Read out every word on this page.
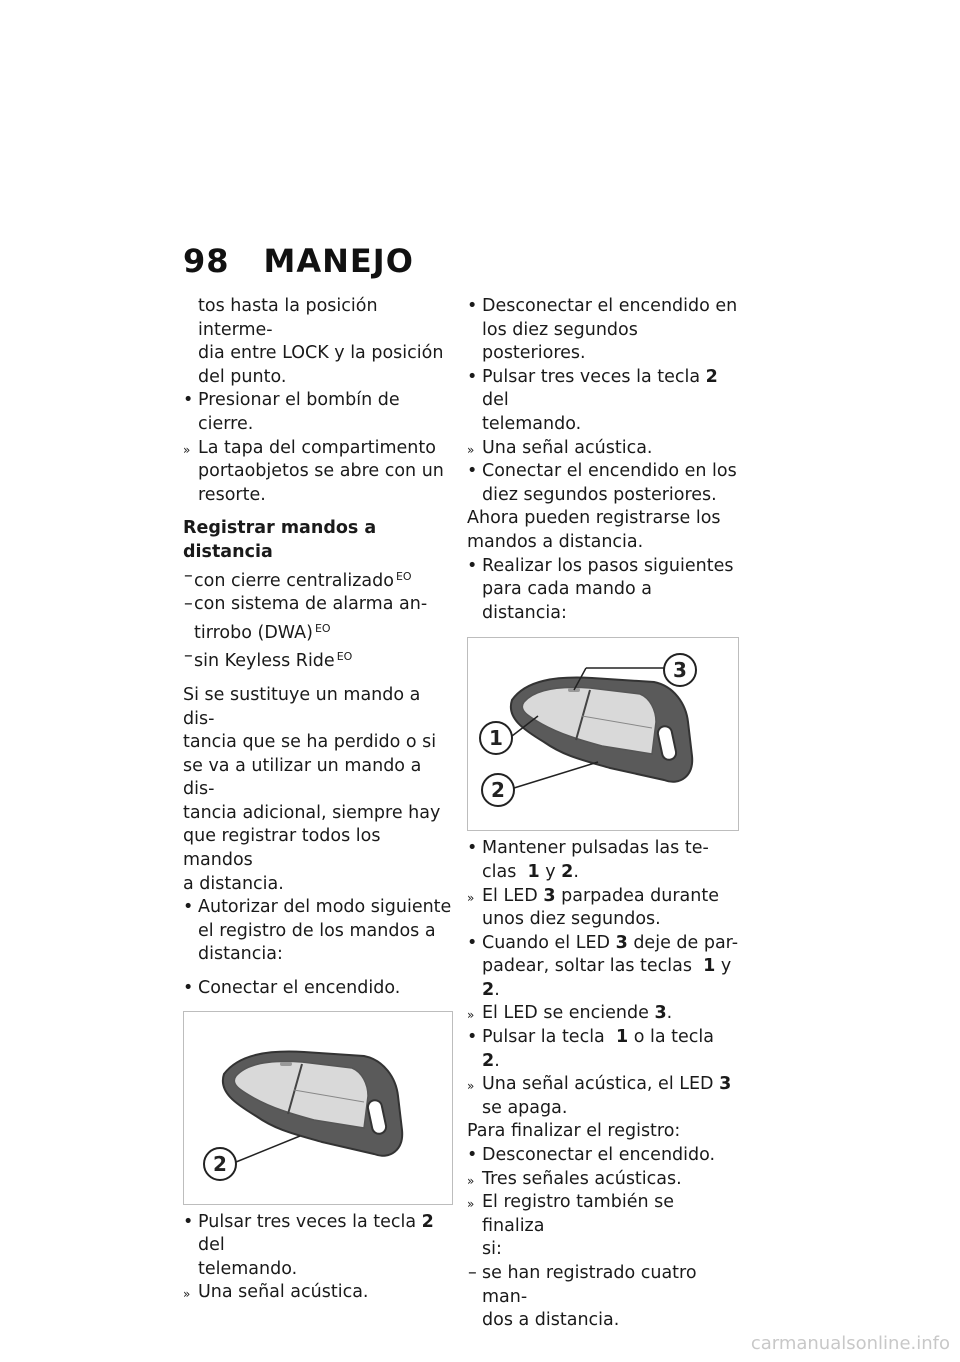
98 MANEJO
tos hasta la posición interme-
dia entre LOCK y la posición
del punto.
• Presionar el bombín de cierre.
» La tapa del compartimento
portaobjetos se abre con un
resorte.
Registrar mandos a distancia
– con cierre centralizado $^{EO}$
– con sistema de alarma an-
tirrobo (DWA) $^{EO}$
– sin Keyless Ride $^{EO}$
Si se sustituye un mando a dis-
tancia que se ha perdido o si
se va a utilizar un mando a dis-
tancia adicional, siempre hay
que registrar todos los mandos
a distancia.
• Autorizar del modo siguiente
el registro de los mandos a
distancia:
• Conectar el encendido.
2
• Pulsar tres veces la tecla 2 del
telemando.
» Una señal acústica.
• Desconectar el encendido en
los diez segundos posteriores.
• Pulsar tres veces la tecla 2 del
telemando.
» Una señal acústica.
• Conectar el encendido en los
diez segundos posteriores.
Ahora pueden registrarse los
mandos a distancia.
• Realizar los pasos siguientes
para cada mando a distancia:
3
1
2
• Mantener pulsadas las te-
clas 1 y 2.
» El LED 3 parpadea durante
unos diez segundos.
• Cuando el LED 3 deje de par-
padear, soltar las teclas 1 y 2.
» El LED se enciende 3.
• Pulsar la tecla 1 o la tecla  2.
» Una señal acústica, el LED 3
se apaga.
Para finalizar el registro:
• Desconectar el encendido.
» Tres señales acústicas.
» El registro también se finaliza
si:
– se han registrado cuatro man-
dos a distancia.
carmanualsonline.info
